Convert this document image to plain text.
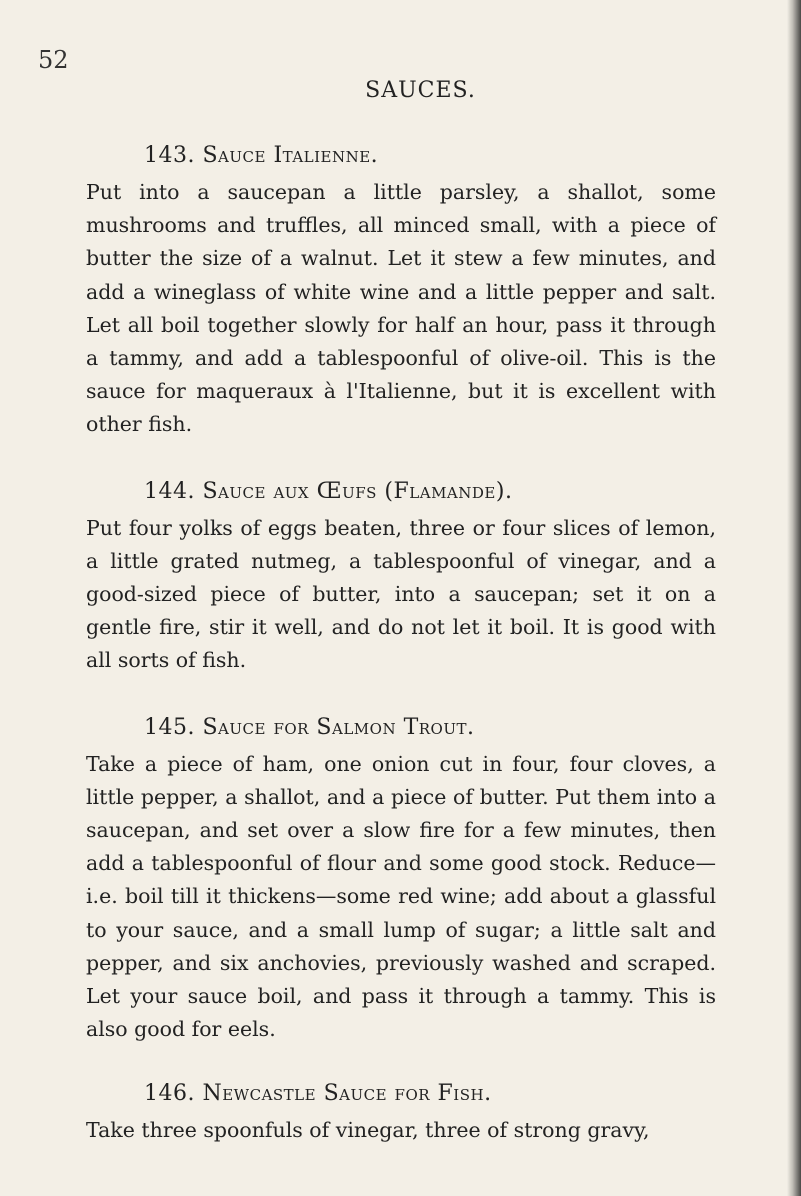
52
SAUCES.
143. Sauce Italienne.
Put into a saucepan a little parsley, a shallot, some mushrooms and truffles, all minced small, with a piece of butter the size of a walnut. Let it stew a few minutes, and add a wineglass of white wine and a little pepper and salt. Let all boil together slowly for half an hour, pass it through a tammy, and add a tablespoonful of olive-oil. This is the sauce for maqueraux à l'Italienne, but it is excellent with other fish.
144. Sauce aux Œufs (Flamande).
Put four yolks of eggs beaten, three or four slices of lemon, a little grated nutmeg, a tablespoonful of vinegar, and a good-sized piece of butter, into a saucepan; set it on a gentle fire, stir it well, and do not let it boil. It is good with all sorts of fish.
145. Sauce for Salmon Trout.
Take a piece of ham, one onion cut in four, four cloves, a little pepper, a shallot, and a piece of butter. Put them into a saucepan, and set over a slow fire for a few minutes, then add a tablespoonful of flour and some good stock. Reduce—i.e. boil till it thickens—some red wine; add about a glassful to your sauce, and a small lump of sugar; a little salt and pepper, and six anchovies, previously washed and scraped. Let your sauce boil, and pass it through a tammy. This is also good for eels.
146. Newcastle Sauce for Fish.
Take three spoonfuls of vinegar, three of strong gravy,
